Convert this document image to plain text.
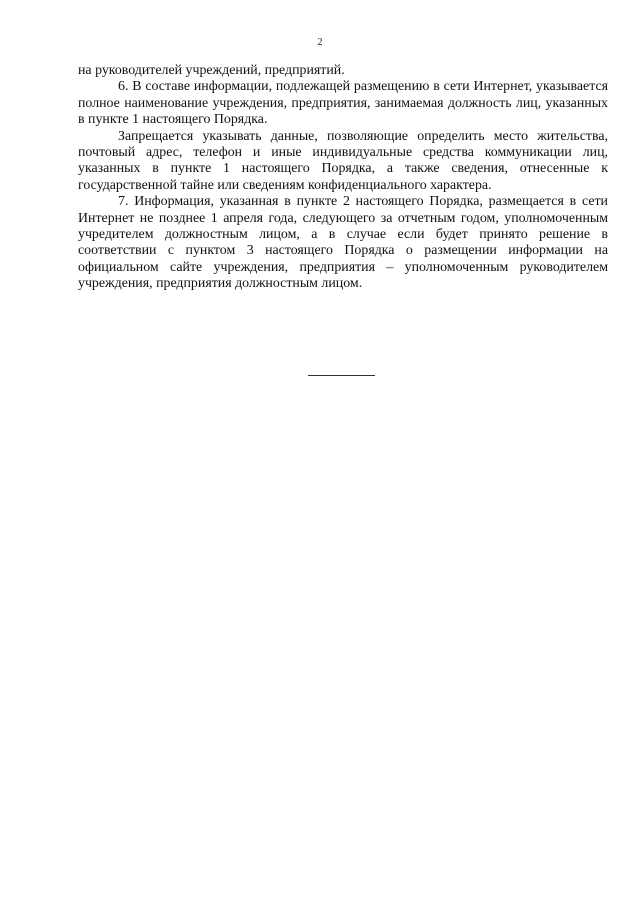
2

на руководителей учреждений, предприятий.

6. В составе информации, подлежащей размещению в сети Интернет, указывается полное наименование учреждения, предприятия, занимаемая должность лиц, указанных в пункте 1 настоящего Порядка.

Запрещается указывать данные, позволяющие определить место жительства, почтовый адрес, телефон и иные индивидуальные средства коммуникации лиц, указанных в пункте 1 настоящего Порядка, а также сведения, отнесенные к государственной тайне или сведениям конфиденциального характера.

7. Информация, указанная в пункте 2 настоящего Порядка, размещается в сети Интернет не позднее 1 апреля года, следующего за отчетным годом, уполномоченным учредителем должностным лицом, а в случае если будет принято решение в соответствии с пунктом 3 настоящего Порядка о размещении информации на официальном сайте учреждения, предприятия – уполномоченным руководителем учреждения, предприятия должностным лицом.
